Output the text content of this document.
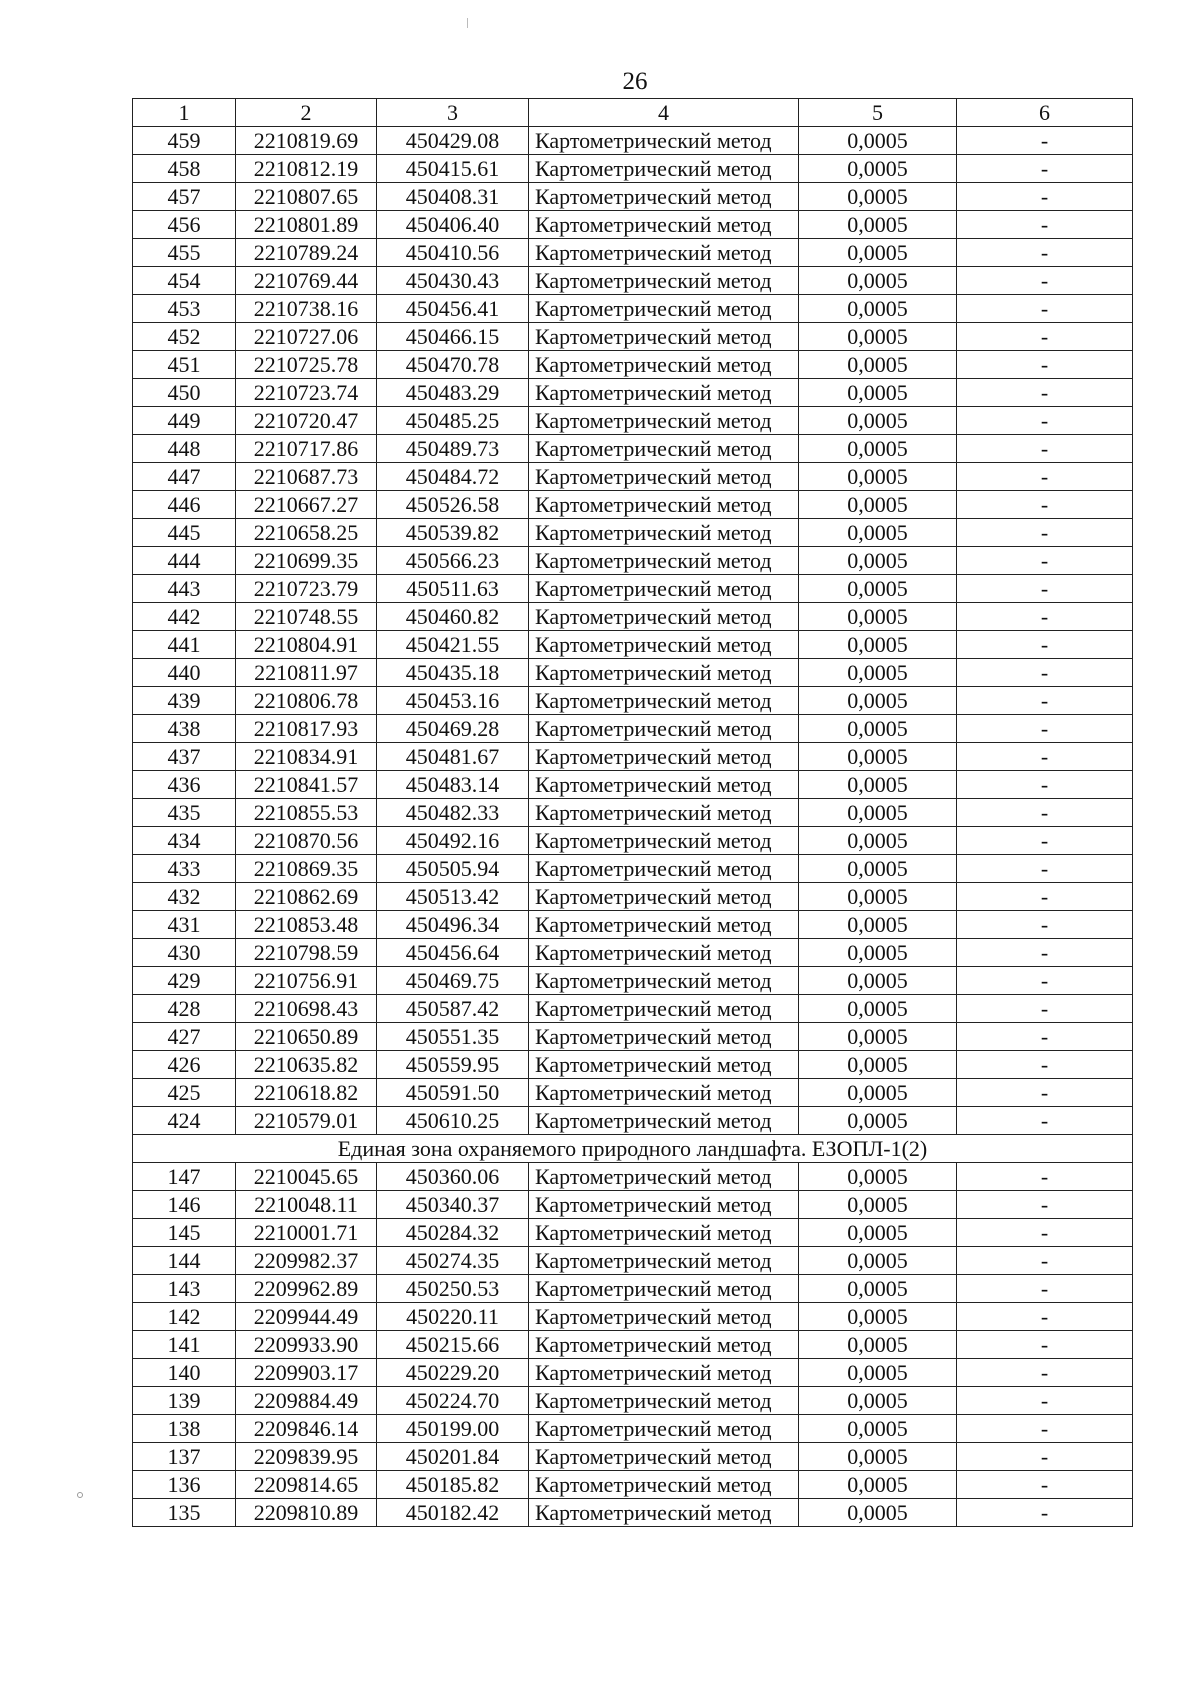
26
1	2	3	4	5	6
459	2210819.69	450429.08	Картометрический метод	0,0005	-
458	2210812.19	450415.61	Картометрический метод	0,0005	-
457	2210807.65	450408.31	Картометрический метод	0,0005	-
456	2210801.89	450406.40	Картометрический метод	0,0005	-
455	2210789.24	450410.56	Картометрический метод	0,0005	-
454	2210769.44	450430.43	Картометрический метод	0,0005	-
453	2210738.16	450456.41	Картометрический метод	0,0005	-
452	2210727.06	450466.15	Картометрический метод	0,0005	-
451	2210725.78	450470.78	Картометрический метод	0,0005	-
450	2210723.74	450483.29	Картометрический метод	0,0005	-
449	2210720.47	450485.25	Картометрический метод	0,0005	-
448	2210717.86	450489.73	Картометрический метод	0,0005	-
447	2210687.73	450484.72	Картометрический метод	0,0005	-
446	2210667.27	450526.58	Картометрический метод	0,0005	-
445	2210658.25	450539.82	Картометрический метод	0,0005	-
444	2210699.35	450566.23	Картометрический метод	0,0005	-
443	2210723.79	450511.63	Картометрический метод	0,0005	-
442	2210748.55	450460.82	Картометрический метод	0,0005	-
441	2210804.91	450421.55	Картометрический метод	0,0005	-
440	2210811.97	450435.18	Картометрический метод	0,0005	-
439	2210806.78	450453.16	Картометрический метод	0,0005	-
438	2210817.93	450469.28	Картометрический метод	0,0005	-
437	2210834.91	450481.67	Картометрический метод	0,0005	-
436	2210841.57	450483.14	Картометрический метод	0,0005	-
435	2210855.53	450482.33	Картометрический метод	0,0005	-
434	2210870.56	450492.16	Картометрический метод	0,0005	-
433	2210869.35	450505.94	Картометрический метод	0,0005	-
432	2210862.69	450513.42	Картометрический метод	0,0005	-
431	2210853.48	450496.34	Картометрический метод	0,0005	-
430	2210798.59	450456.64	Картометрический метод	0,0005	-
429	2210756.91	450469.75	Картометрический метод	0,0005	-
428	2210698.43	450587.42	Картометрический метод	0,0005	-
427	2210650.89	450551.35	Картометрический метод	0,0005	-
426	2210635.82	450559.95	Картометрический метод	0,0005	-
425	2210618.82	450591.50	Картометрический метод	0,0005	-
424	2210579.01	450610.25	Картометрический метод	0,0005	-
Единая зона охраняемого природного ландшафта. ЕЗОПЛ-1(2)					
147	2210045.65	450360.06	Картометрический метод	0,0005	-
146	2210048.11	450340.37	Картометрический метод	0,0005	-
145	2210001.71	450284.32	Картометрический метод	0,0005	-
144	2209982.37	450274.35	Картометрический метод	0,0005	-
143	2209962.89	450250.53	Картометрический метод	0,0005	-
142	2209944.49	450220.11	Картометрический метод	0,0005	-
141	2209933.90	450215.66	Картометрический метод	0,0005	-
140	2209903.17	450229.20	Картометрический метод	0,0005	-
139	2209884.49	450224.70	Картометрический метод	0,0005	-
138	2209846.14	450199.00	Картометрический метод	0,0005	-
137	2209839.95	450201.84	Картометрический метод	0,0005	-
136	2209814.65	450185.82	Картометрический метод	0,0005	-
135	2209810.89	450182.42	Картометрический метод	0,0005	-
